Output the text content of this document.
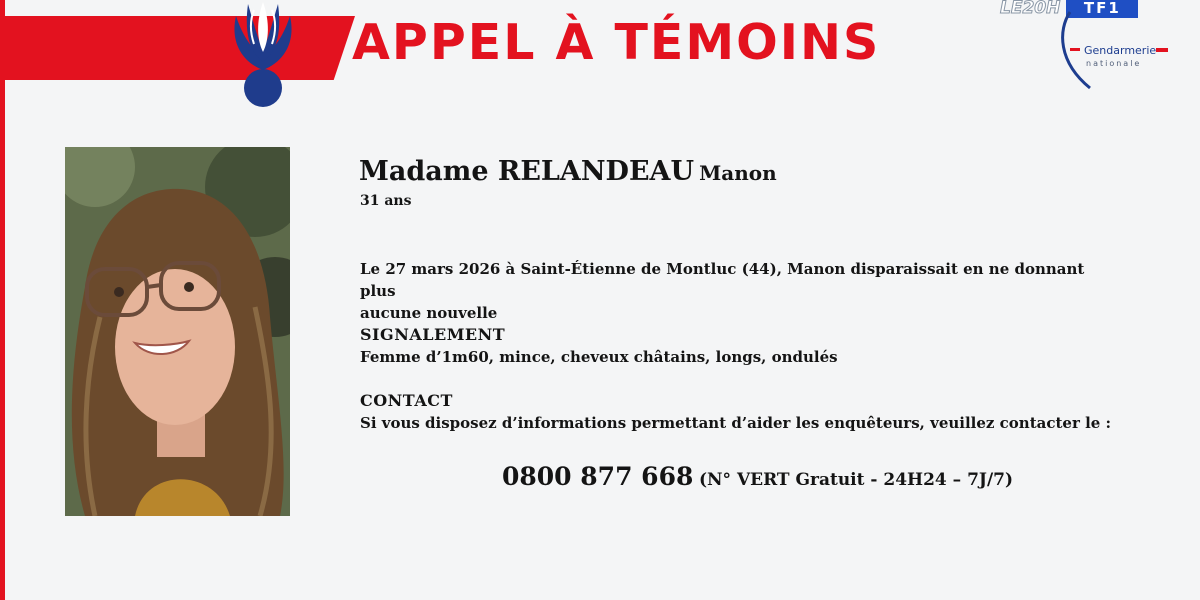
APPEL À TÉMOINS
LE20H	TF1
Gendarmerie
nationale
Madame RELANDEAU Manon
31 ans
Le 27 mars 2026 à Saint-Étienne de Montluc (44), Manon disparaissait en ne donnant plus
aucune nouvelle
SIGNALEMENT
Femme d’1m60, mince, cheveux châtains, longs, ondulés
CONTACT
Si vous disposez d’informations permettant d’aider les enquêteurs, veuillez contacter le :
0800 877 668 (N° VERT Gratuit - 24H24 – 7J/7)
